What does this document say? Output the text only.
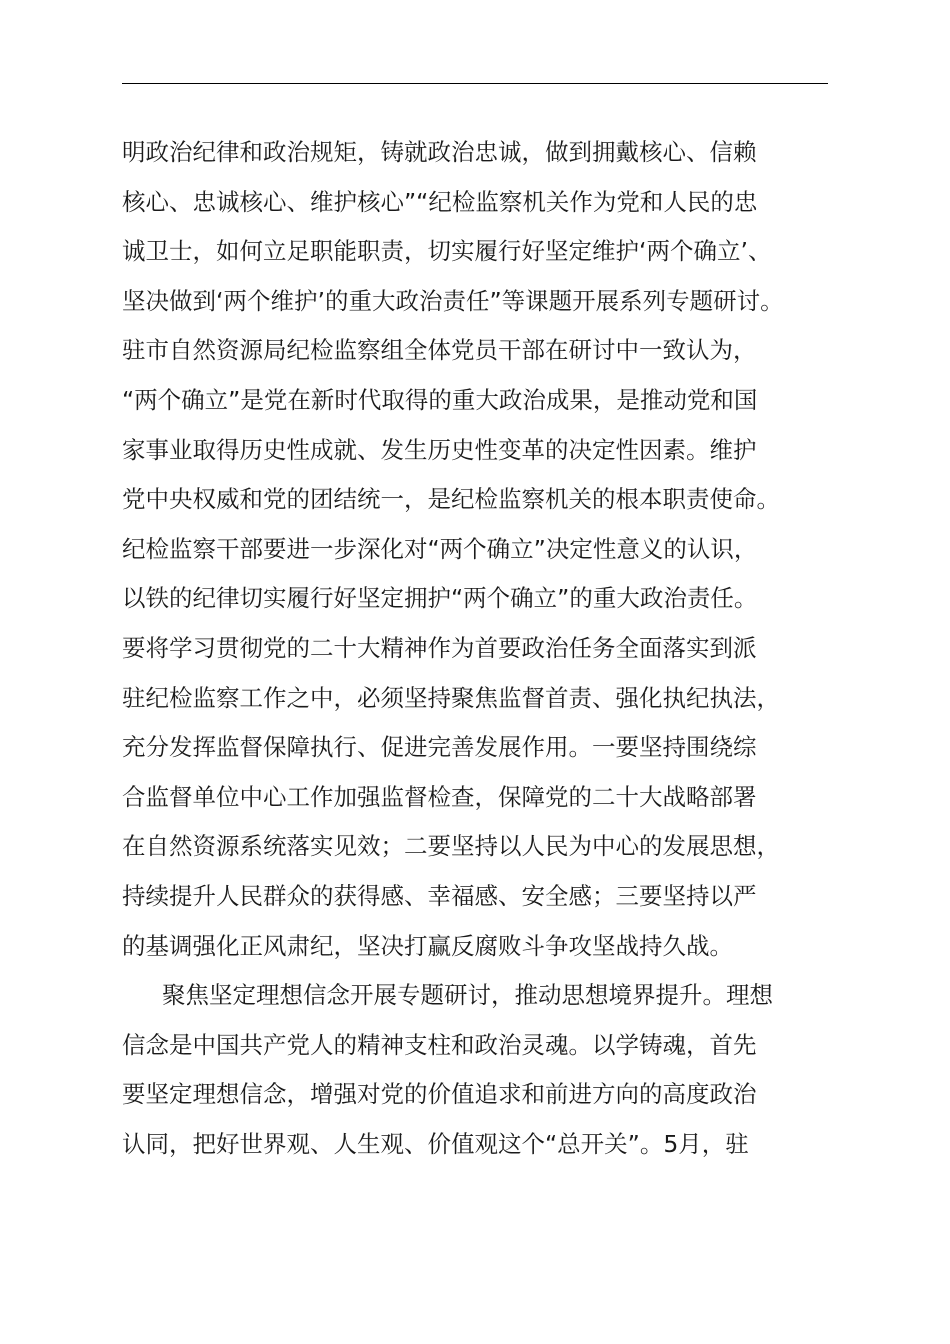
明政治纪律和政治规矩，铸就政治忠诚，做到拥戴核心、信赖
核心、忠诚核心、维护核心”“纪检监察机关作为党和人民的忠
诚卫士，如何立足职能职责，切实履行好坚定维护‘两个确立’、
坚决做到‘两个维护’的重大政治责任”等课题开展系列专题研讨。
驻市自然资源局纪检监察组全体党员干部在研讨中一致认为，
“两个确立”是党在新时代取得的重大政治成果，是推动党和国
家事业取得历史性成就、发生历史性变革的决定性因素。维护
党中央权威和党的团结统一，是纪检监察机关的根本职责使命。
纪检监察干部要进一步深化对“两个确立”决定性意义的认识，
以铁的纪律切实履行好坚定拥护“两个确立”的重大政治责任。
要将学习贯彻党的二十大精神作为首要政治任务全面落实到派
驻纪检监察工作之中，必须坚持聚焦监督首责、强化执纪执法，
充分发挥监督保障执行、促进完善发展作用。一要坚持围绕综
合监督单位中心工作加强监督检查，保障党的二十大战略部署
在自然资源系统落实见效；二要坚持以人民为中心的发展思想，
持续提升人民群众的获得感、幸福感、安全感；三要坚持以严
的基调强化正风肃纪，坚决打赢反腐败斗争攻坚战持久战。
聚焦坚定理想信念开展专题研讨，推动思想境界提升。理想
信念是中国共产党人的精神支柱和政治灵魂。以学铸魂，首先
要坚定理想信念，增强对党的价值追求和前进方向的高度政治
认同，把好世界观、人生观、价值观这个“总开关”。5月，驻
